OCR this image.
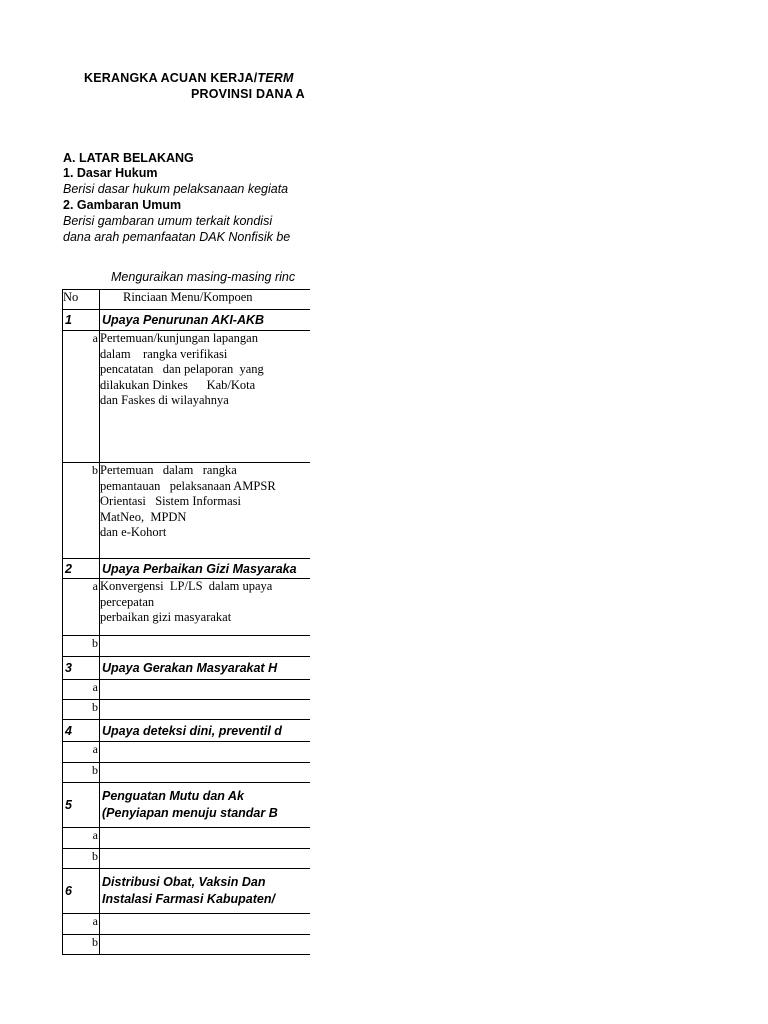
KERANGKA ACUAN KERJA/TERM
PROVINSI DANA A
A. LATAR BELAKANG
1. Dasar Hukum
Berisi dasar hukum pelaksanaan kegiata
2. Gambaran Umum
Berisi gambaran umum terkait kondisi
dana arah pemanfaatan DAK Nonfisik be
Menguraikan masing-masing rinc
No	Rinciaan Menu/Kompoen
1	Upaya Penurunan AKI-AKB
a	Pertemuan/kunjungan lapangan
dalam    rangka verifikasi
pencatatan   dan pelaporan  yang
dilakukan Dinkes      Kab/Kota
dan Faskes di wilayahnya
b	Pertemuan   dalam   rangka
pemantauan   pelaksanaan AMPSR
Orientasi   Sistem Informasi
MatNeo,  MPDN
dan e-Kohort
2	Upaya Perbaikan Gizi Masyaraka
a	Konvergensi  LP/LS  dalam upaya
percepatan
perbaikan gizi masyarakat
b	
3	Upaya Gerakan Masyarakat H
a	
b	
4	Upaya deteksi dini, preventil d
a	
b	
5	Penguatan Mutu dan Ak
(Penyiapan menuju standar B

a	
b	
6	Distribusi Obat, Vaksin Dan
Instalasi Farmasi Kabupaten/

a	
b	
